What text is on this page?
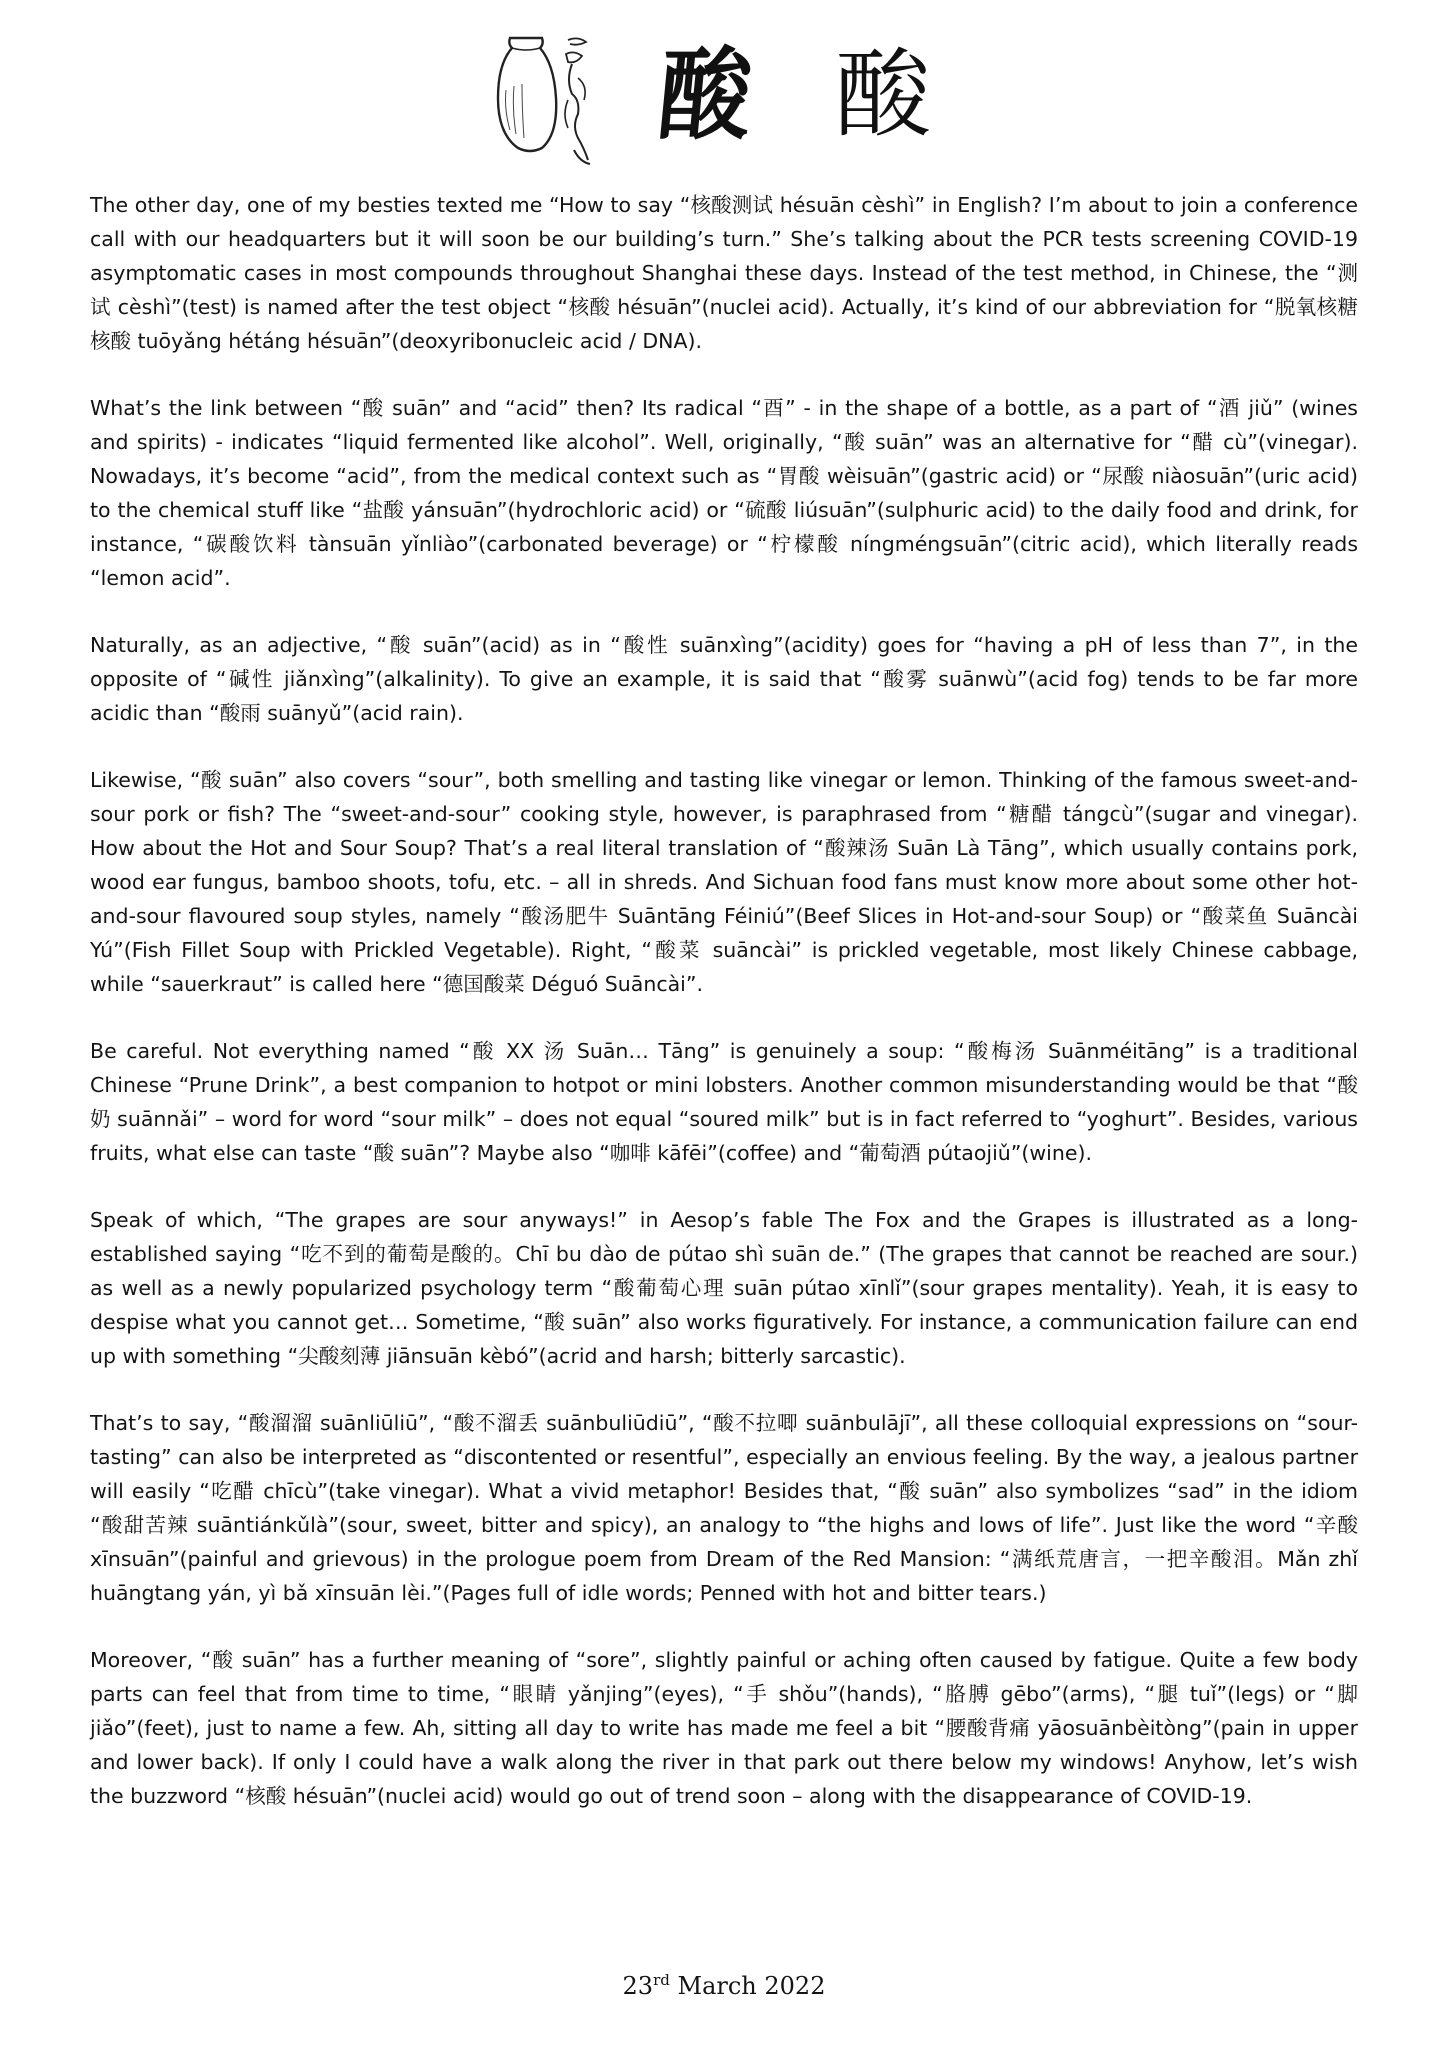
酸 酸

The other day, one of my besties texted me “How to say “核酸测试 hésuān cèshì” in English? I’m about to join a conference call with our headquarters but it will soon be our building’s turn.” She’s talking about the PCR tests screening COVID-19 asymptomatic cases in most compounds throughout Shanghai these days. Instead of the test method, in Chinese, the “测试 cèshì”(test) is named after the test object “核酸 hésuān”(nuclei acid). Actually, it’s kind of our abbreviation for “脱氧核糖核酸 tuōyǎng hétáng hésuān”(deoxyribonucleic acid / DNA).

What’s the link between “酸 suān” and “acid” then? Its radical “酉” - in the shape of a bottle, as a part of “酒 jiǔ” (wines and spirits) - indicates “liquid fermented like alcohol”. Well, originally, “酸 suān” was an alternative for “醋 cù”(vinegar). Nowadays, it’s become “acid”, from the medical context such as “胃酸 wèisuān”(gastric acid) or “尿酸 niàosuān”(uric acid) to the chemical stuff like “盐酸 yánsuān”(hydrochloric acid) or “硫酸 liúsuān”(sulphuric acid) to the daily food and drink, for instance, “碳酸饮料 tànsuān yǐnliào”(carbonated beverage) or “柠檬酸 níngméngsuān”(citric acid), which literally reads “lemon acid”.

Naturally, as an adjective, “酸 suān”(acid) as in “酸性 suānxìng”(acidity) goes for “having a pH of less than 7”, in the opposite of “碱性 jiǎnxìng”(alkalinity). To give an example, it is said that “酸雾 suānwù”(acid fog) tends to be far more acidic than “酸雨 suānyǔ”(acid rain).

Likewise, “酸 suān” also covers “sour”, both smelling and tasting like vinegar or lemon. Thinking of the famous sweet-and-sour pork or fish? The “sweet-and-sour” cooking style, however, is paraphrased from “糖醋 tángcù”(sugar and vinegar). How about the Hot and Sour Soup? That’s a real literal translation of “酸辣汤 Suān Là Tāng”, which usually contains pork, wood ear fungus, bamboo shoots, tofu, etc. – all in shreds. And Sichuan food fans must know more about some other hot-and-sour flavoured soup styles, namely “酸汤肥牛 Suāntāng Féiniú”(Beef Slices in Hot-and-sour Soup) or “酸菜鱼 Suāncài Yú”(Fish Fillet Soup with Prickled Vegetable). Right, “酸菜 suāncài” is prickled vegetable, most likely Chinese cabbage, while “sauerkraut” is called here “德国酸菜 Déguó Suāncài”.

Be careful. Not everything named “酸 XX 汤 Suān… Tāng” is genuinely a soup: “酸梅汤 Suānméitāng” is a traditional Chinese “Prune Drink”, a best companion to hotpot or mini lobsters. Another common misunderstanding would be that “酸奶 suānnǎi” – word for word “sour milk” – does not equal “soured milk” but is in fact referred to “yoghurt”. Besides, various fruits, what else can taste “酸 suān”? Maybe also “咖啡 kāfēi”(coffee) and “葡萄酒 pútaojiǔ”(wine).

Speak of which, “The grapes are sour anyways!” in Aesop’s fable The Fox and the Grapes is illustrated as a long-established saying “吃不到的葡萄是酸的。Chī bu dào de pútao shì suān de.” (The grapes that cannot be reached are sour.) as well as a newly popularized psychology term “酸葡萄心理 suān pútao xīnlǐ”(sour grapes mentality). Yeah, it is easy to despise what you cannot get… Sometime, “酸 suān” also works figuratively. For instance, a communication failure can end up with something “尖酸刻薄 jiānsuān kèbó”(acrid and harsh; bitterly sarcastic).

That’s to say, “酸溜溜 suānliūliū”, “酸不溜丢 suānbuliūdiū”, “酸不拉唧 suānbulājī”, all these colloquial expressions on “sour-tasting” can also be interpreted as “discontented or resentful”, especially an envious feeling. By the way, a jealous partner will easily “吃醋 chīcù”(take vinegar). What a vivid metaphor! Besides that, “酸 suān” also symbolizes “sad” in the idiom “酸甜苦辣 suāntiánkǔlà”(sour, sweet, bitter and spicy), an analogy to “the highs and lows of life”. Just like the word “辛酸 xīnsuān”(painful and grievous) in the prologue poem from Dream of the Red Mansion: “满纸荒唐言，一把辛酸泪。Mǎn zhǐ huāngtang yán, yì bǎ xīnsuān lèi.”(Pages full of idle words; Penned with hot and bitter tears.)

Moreover, “酸 suān” has a further meaning of “sore”, slightly painful or aching often caused by fatigue. Quite a few body parts can feel that from time to time, “眼睛 yǎnjing”(eyes), “手 shǒu”(hands), “胳膊 gēbo”(arms), “腿 tuǐ”(legs) or “脚 jiǎo”(feet), just to name a few. Ah, sitting all day to write has made me feel a bit “腰酸背痛 yāosuānbèitòng”(pain in upper and lower back). If only I could have a walk along the river in that park out there below my windows! Anyhow, let’s wish the buzzword “核酸 hésuān”(nuclei acid) would go out of trend soon – along with the disappearance of COVID-19.

23rd March 2022
